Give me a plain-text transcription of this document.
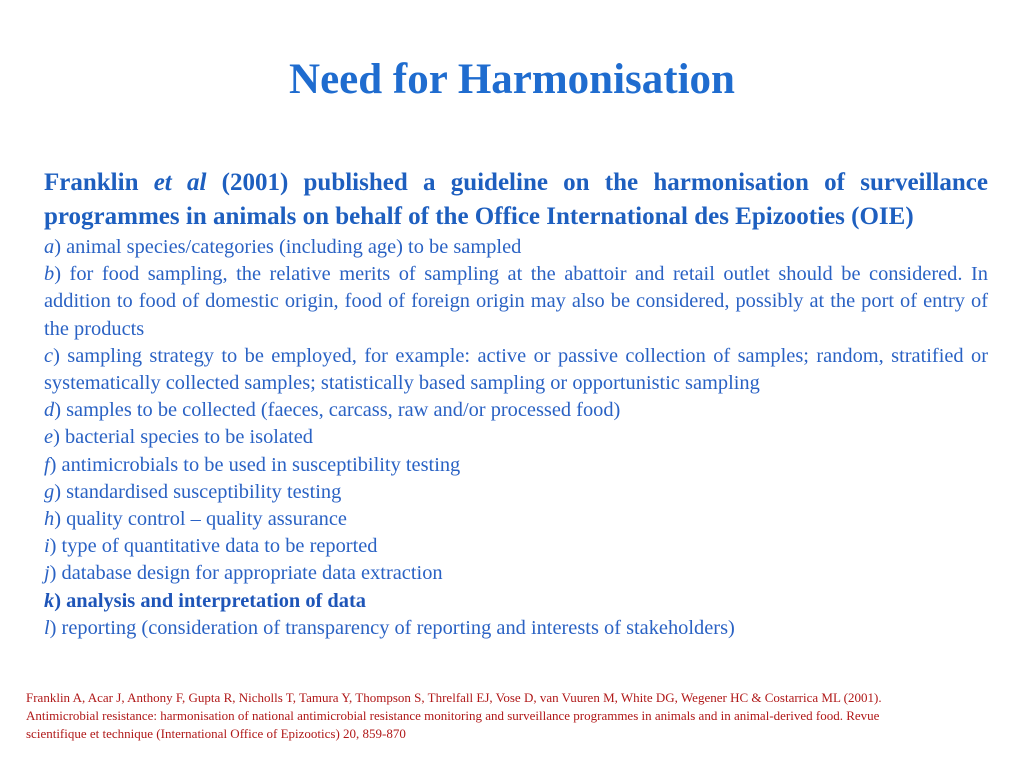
Need for Harmonisation

Franklin et al (2001) published a guideline on the harmonisation of surveillance programmes in animals on behalf of the Office International des Epizooties (OIE)

a) animal species/categories (including age) to be sampled
b) for food sampling, the relative merits of sampling at the abattoir and retail outlet should be considered. In addition to food of domestic origin, food of foreign origin may also be considered, possibly at the port of entry of the products
c) sampling strategy to be employed, for example: active or passive collection of samples; random, stratified or systematically collected samples; statistically based sampling or opportunistic sampling
d) samples to be collected (faeces, carcass, raw and/or processed food)
e) bacterial species to be isolated
f) antimicrobials to be used in susceptibility testing
g) standardised susceptibility testing
h) quality control – quality assurance
i) type of quantitative data to be reported
j) database design for appropriate data extraction
k) analysis and interpretation of data
l) reporting (consideration of transparency of reporting and interests of stakeholders)

Franklin A, Acar J, Anthony F, Gupta R, Nicholls T, Tamura Y, Thompson S, Threlfall EJ, Vose D, van Vuuren M, White DG, Wegener HC & Costarrica ML (2001). Antimicrobial resistance: harmonisation of national antimicrobial resistance monitoring and surveillance programmes in animals and in animal-derived food. Revue scientifique et technique (International Office of Epizootics) 20, 859-870
